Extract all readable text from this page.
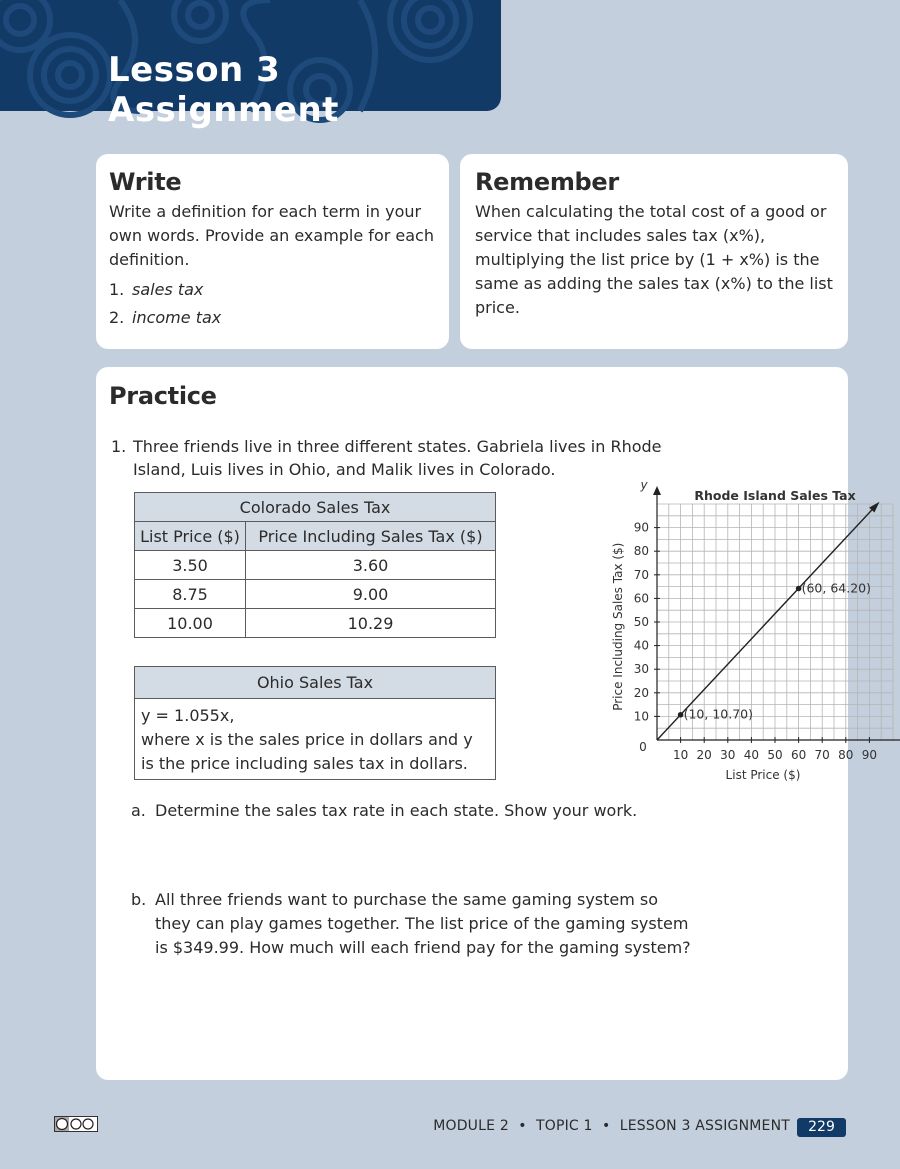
Lesson 3 Assignment
Write

Write a definition for each term in your own words. Provide an example for each definition.

1. sales tax
2. income tax
Remember

When calculating the total cost of a good or service that includes sales tax (x%), multiplying the list price by (1 + x%) is the same as adding the sales tax (x%) to the list price.

Practice
1. Three friends live in three different states. Gabriela lives in Rhode Island, Luis lives in Ohio, and Malik lives in Colorado.
Colorado Sales Tax	
List Price ($)	Price Including Sales Tax ($)
3.50	3.60
8.75	9.00
10.00	10.29
Ohio Sales Tax
y = 1.055x,
where x is the sales price in dollars and y is the price including sales tax in dollars.	10 20 30 40 50 60 70 80 90
10
20
30
40
50
60
70
80
90
0
y
Rhode Island Sales Tax
List Price ($)
Price Including Sales Tax ($)
(10, 10.70)
(60, 64.20)
a. Determine the sales tax rate in each state. Show your work.
b. All three friends want to purchase the same gaming system so they can play games together. The list price of the gaming system is $349.99. How much will each friend pay for the gaming system?
MODULE 2  •  TOPIC 1  •  LESSON 3 ASSIGNMENT	229
